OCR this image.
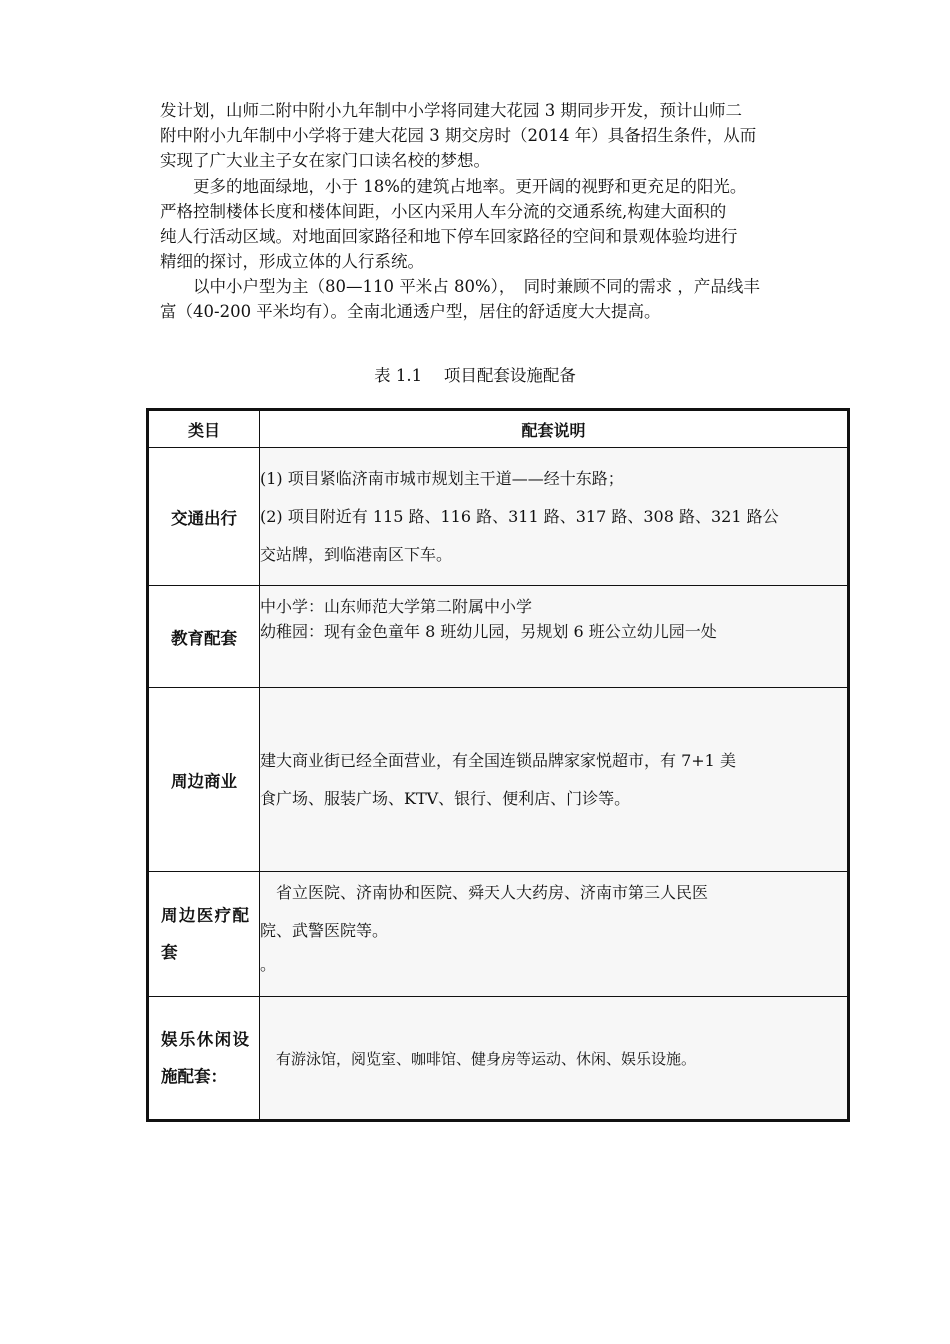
发计划，山师二附中附小九年制中小学将同建大花园 3 期同步开发，预计山师二
附中附小九年制中小学将于建大花园 3 期交房时（2014 年）具备招生条件，从而
实现了广大业主子女在家门口读名校的梦想。

　　更多的地面绿地，小于 18%的建筑占地率。更开阔的视野和更充足的阳光。
严格控制楼体长度和楼体间距，小区内采用人车分流的交通系统,构建大面积的
纯人行活动区域。对地面回家路径和地下停车回家路径的空间和景观体验均进行
精细的探讨，形成立体的人行系统。

　　以中小户型为主（80—110 平米占 80%），　同时兼顾不同的需求 ，产品线丰
富（40-200 平米均有）。全南北通透户型，居住的舒适度大大提高。

表 1.1　 项目配套设施配备
类目	配套说明
交通出行	(1) 项目紧临济南市城市规划主干道——经十东路；
(2) 项目附近有 115 路、116 路、311 路、317 路、308 路、321 路公
交站牌，到临港南区下车。

教育配套	中小学：山东师范大学第二附属中小学
幼稚园：现有金色童年 8 班幼儿园，另规划 6 班公立幼儿园一处

周边商业	建大商业街已经全面营业，有全国连锁品牌家家悦超市，有 7+1 美
食广场、服装广场、KTV、银行、便利店、门诊等。

周边医疗配套	　省立医院、济南协和医院、舜天人大药房、济南市第三人民医
院、武警医院等。
。

娱乐休闲设施配套：	有游泳馆，阅览室、咖啡馆、健身房等运动、休闲、娱乐设施。
